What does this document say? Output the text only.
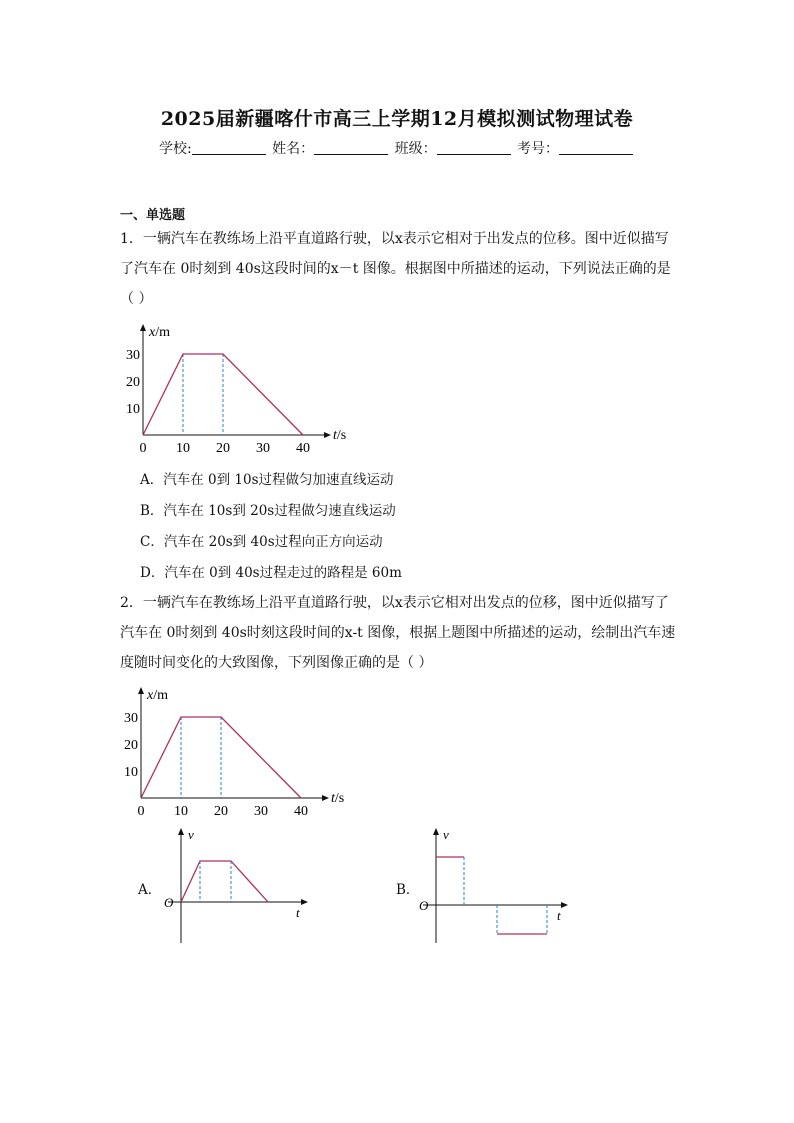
2025届新疆喀什市高三上学期12月模拟测试物理试卷
学校:	姓名：	班级：	考号：
一、单选题
1．一辆汽车在教练场上沿平直道路行驶，以x表示它相对于出发点的位移。图中近似描写
了汽车在 0时刻到 40s这段时间的x－t 图像。根据图中所描述的运动，下列说法正确的是
（ ）
x/m
t/s
0 10 20 30 40
10
20
30
A．汽车在 0到 10s过程做匀加速直线运动
B．汽车在 10s到 20s过程做匀速直线运动
C．汽车在 20s到 40s过程向正方向运动
D．汽车在 0到 40s过程走过的路程是 60m
2．一辆汽车在教练场上沿平直道路行驶，以x表示它相对出发点的位移，图中近似描写了
汽车在 0时刻到 40s时刻这段时间的x-t 图像，根据上题图中所描述的运动，绘制出汽车速
度随时间变化的大致图像，下列图像正确的是（ ）
x/m
t/s
0 10 20 30 40
10
20
30
A．
v
t
O
B．
v
t
O
